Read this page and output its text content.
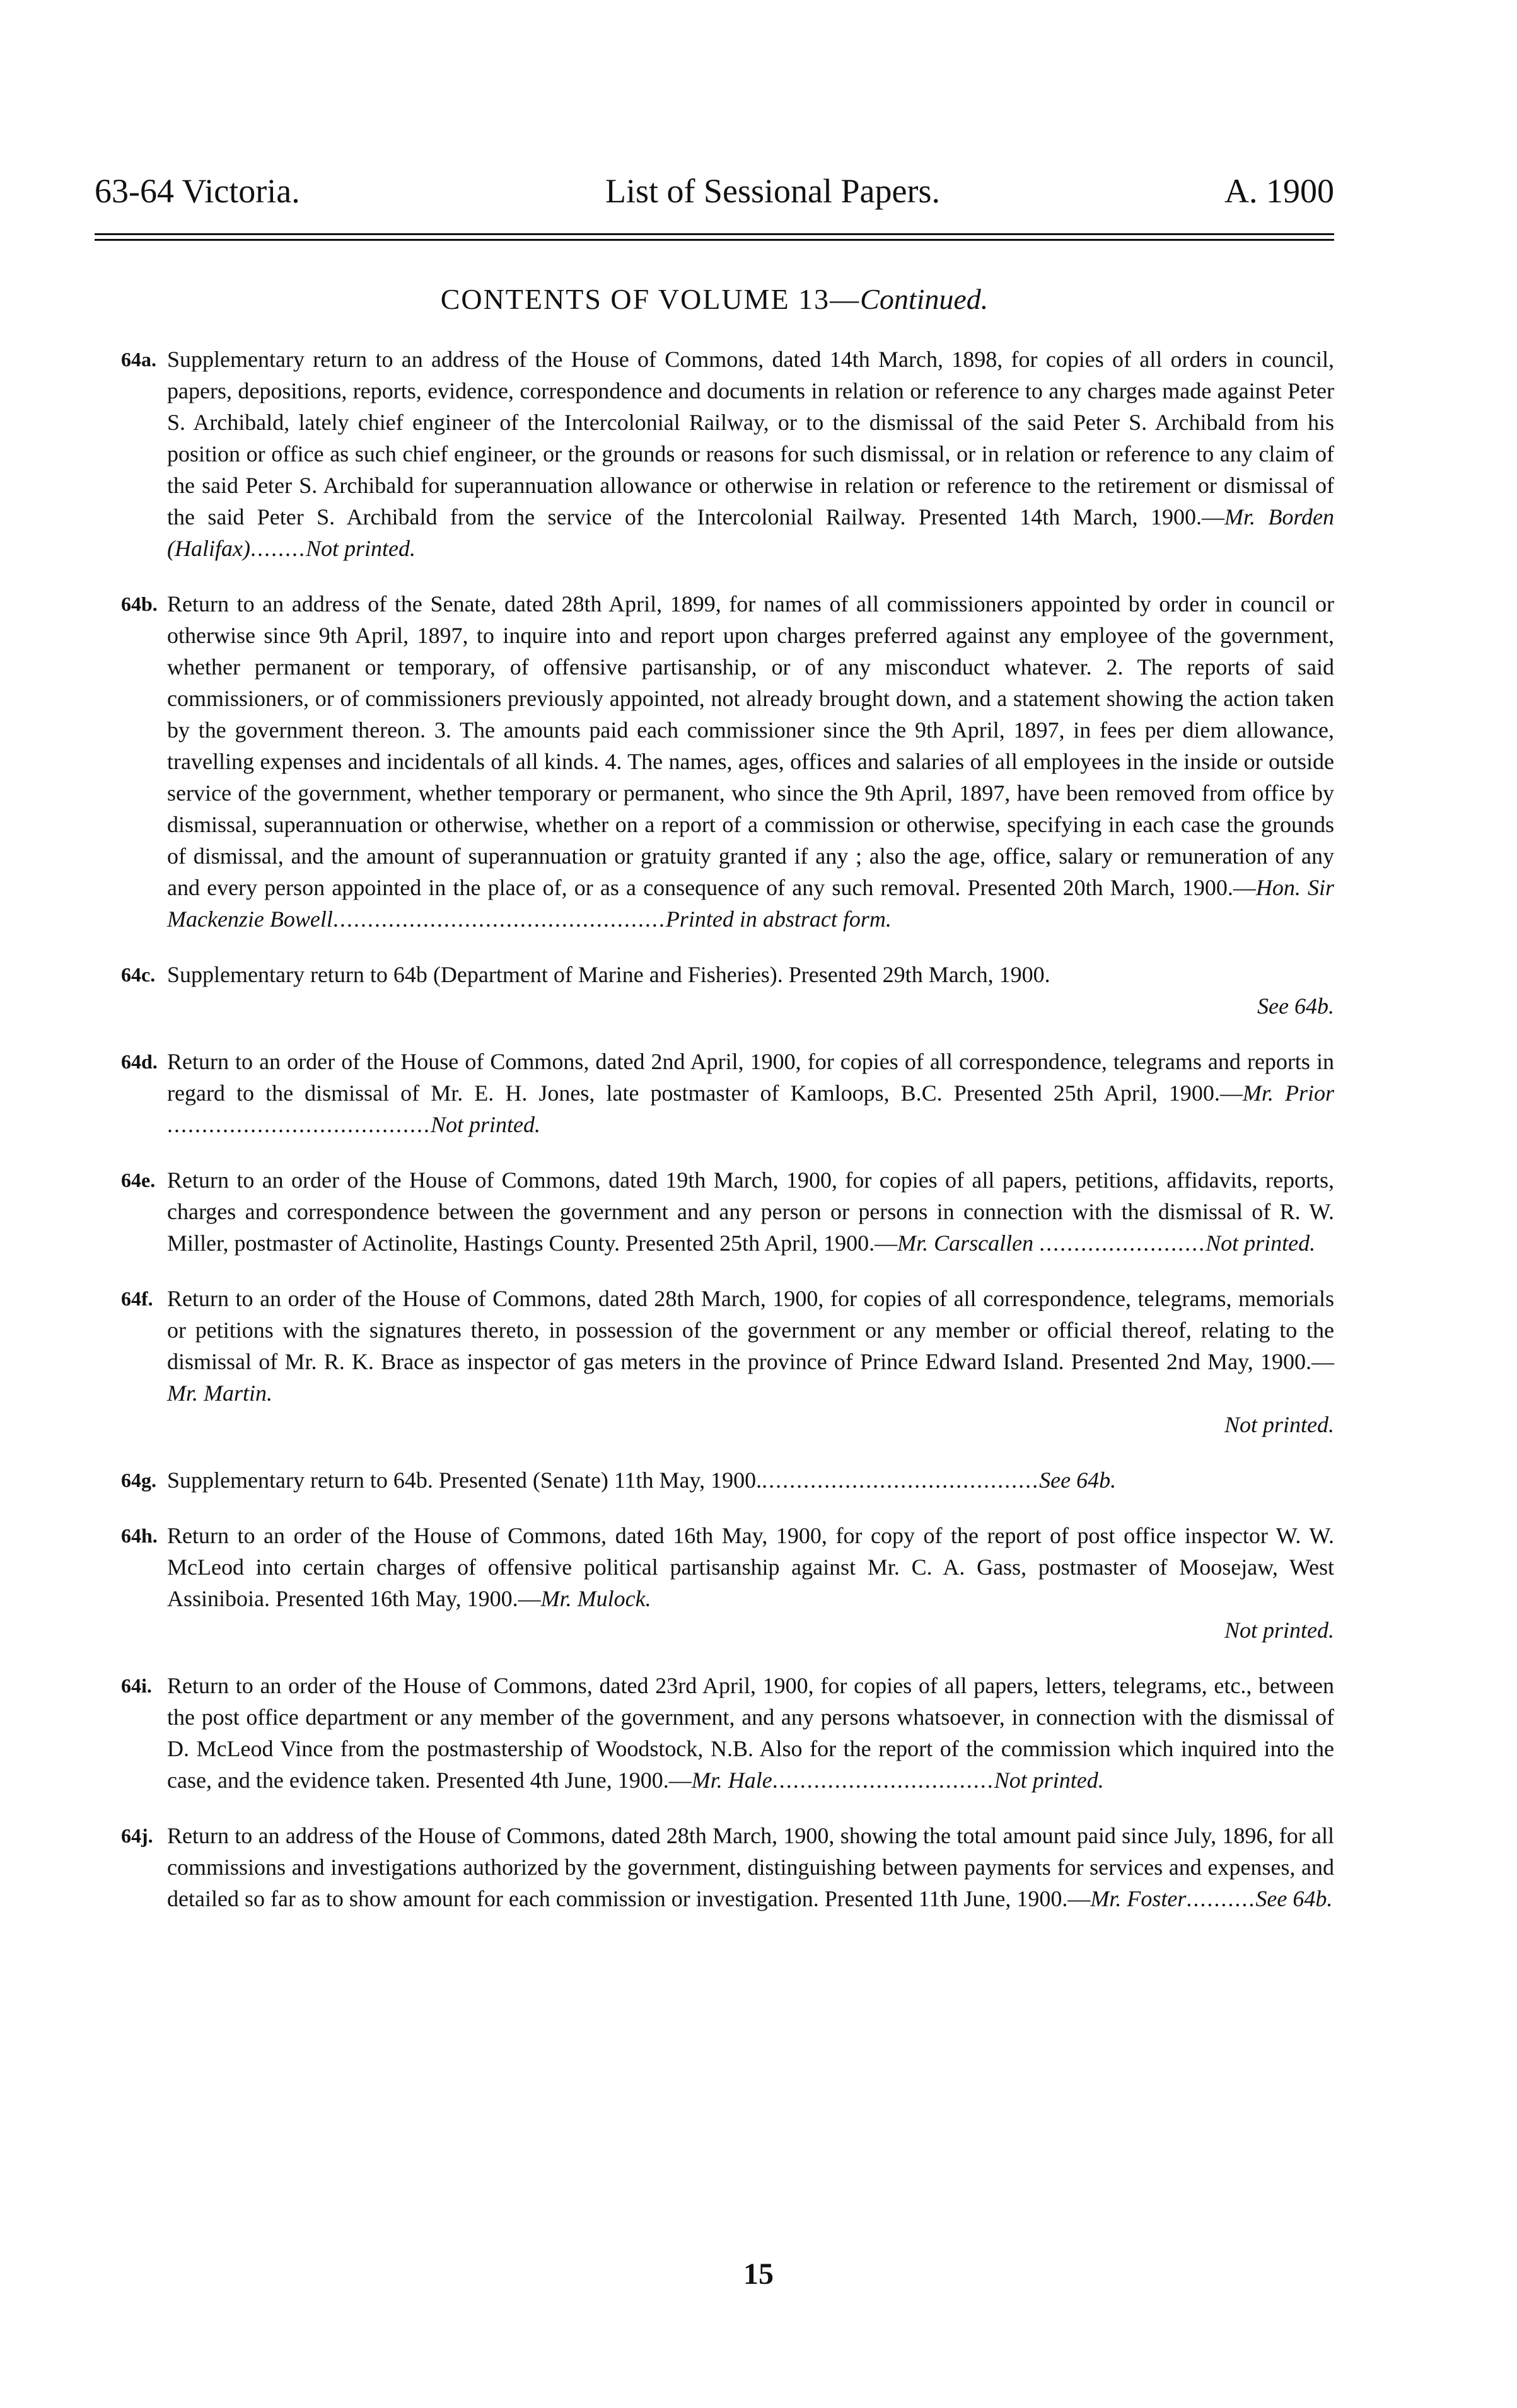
63-64 Victoria.	List of Sessional Papers.	A. 1900
CONTENTS OF VOLUME 13—Continued.
64a. Supplementary return to an address of the House of Commons, dated 14th March, 1898, for copies of all orders in council, papers, depositions, reports, evidence, correspondence and documents in relation or reference to any charges made against Peter S. Archibald, lately chief engineer of the Intercolonial Railway, or to the dismissal of the said Peter S. Archibald from his position or office as such chief engineer, or the grounds or reasons for such dismissal, or in relation or reference to any claim of the said Peter S. Archibald for superannuation allowance or otherwise in relation or reference to the retirement or dismissal of the said Peter S. Archibald from the service of the Intercolonial Railway. Presented 14th March, 1900.—Mr. Borden (Halifax)........Not printed.
64b. Return to an address of the Senate, dated 28th April, 1899, for names of all commissioners appointed by order in council or otherwise since 9th April, 1897, to inquire into and report upon charges preferred against any employee of the government, whether permanent or temporary, of offensive partisanship, or of any misconduct whatever. 2. The reports of said commissioners, or of commissioners previously appointed, not already brought down, and a statement showing the action taken by the government thereon. 3. The amounts paid each commissioner since the 9th April, 1897, in fees per diem allowance, travelling expenses and incidentals of all kinds. 4. The names, ages, offices and salaries of all employees in the inside or outside service of the government, whether temporary or permanent, who since the 9th April, 1897, have been removed from office by dismissal, superannuation or otherwise, whether on a report of a commission or otherwise, specifying in each case the grounds of dismissal, and the amount of superannuation or gratuity granted if any ; also the age, office, salary or remuneration of any and every person appointed in the place of, or as a consequence of any such removal. Presented 20th March, 1900.—Hon. Sir Mackenzie Bowell................................................Printed in abstract form.
64c. Supplementary return to 64b (Department of Marine and Fisheries). Presented 29th March, 1900.
See 64b.
64d. Return to an order of the House of Commons, dated 2nd April, 1900, for copies of all correspondence, telegrams and reports in regard to the dismissal of Mr. E. H. Jones, late postmaster of Kamloops, B.C. Presented 25th April, 1900.—Mr. Prior ......................................Not printed.
64e. Return to an order of the House of Commons, dated 19th March, 1900, for copies of all papers, petitions, affidavits, reports, charges and correspondence between the government and any person or persons in connection with the dismissal of R. W. Miller, postmaster of Actinolite, Hastings County. Presented 25th April, 1900.—Mr. Carscallen ........................Not printed.
64f. Return to an order of the House of Commons, dated 28th March, 1900, for copies of all correspondence, telegrams, memorials or petitions with the signatures thereto, in possession of the government or any member or official thereof, relating to the dismissal of Mr. R. K. Brace as inspector of gas meters in the province of Prince Edward Island. Presented 2nd May, 1900.—Mr. Martin.
Not printed.
64g. Supplementary return to 64b. Presented (Senate) 11th May, 1900.........................................See 64b.
64h. Return to an order of the House of Commons, dated 16th May, 1900, for copy of the report of post office inspector W. W. McLeod into certain charges of offensive political partisanship against Mr. C. A. Gass, postmaster of Moosejaw, West Assiniboia. Presented 16th May, 1900.—Mr. Mulock.
Not printed.
64i. Return to an order of the House of Commons, dated 23rd April, 1900, for copies of all papers, letters, telegrams, etc., between the post office department or any member of the government, and any persons whatsoever, in connection with the dismissal of D. McLeod Vince from the postmastership of Woodstock, N.B. Also for the report of the commission which inquired into the case, and the evidence taken. Presented 4th June, 1900.—Mr. Hale................................Not printed.
64j. Return to an address of the House of Commons, dated 28th March, 1900, showing the total amount paid since July, 1896, for all commissions and investigations authorized by the government, distinguishing between payments for services and expenses, and detailed so far as to show amount for each commission or investigation. Presented 11th June, 1900.—Mr. Foster..........See 64b.
15
